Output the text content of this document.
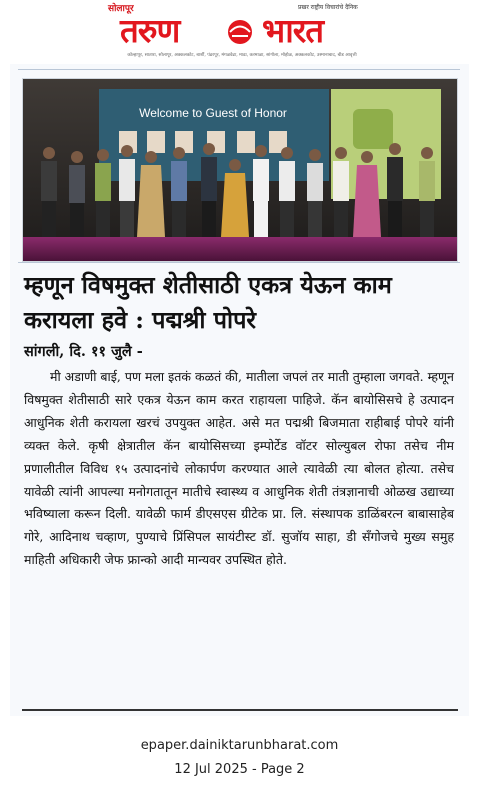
सोलापूर	प्रखर राष्ट्रीय विचारांचे दैनिक
तरुण	भारत
कोल्हापूर, सातारा, सोलापूर, अक्कलकोट, बार्शी, पंढरपूर, मंगळवेढा, माढा, करमाळा, सांगोला, मोहोळ, अक्कलकोट, उस्मानाबाद, बीड आवृत्ती
Welcome to Guest of Honor
म्हणून विषमुक्त शेतीसाठी एकत्र येऊन काम करायला हवे : पद्मश्री पोपरे
सांगली, दि. ११ जुलै -

मी अडाणी बाई, पण मला इतकं कळतं की, मातीला जपलं तर माती तुम्हाला जगवते. म्हणून विषमुक्त शेतीसाठी सारे एकत्र येऊन काम करत राहायला पाहिजे. कॅन बायोसिसचे हे उत्पादन आधुनिक शेती करायला खरचं उपयुक्त आहेत. असे मत पद्मश्री बिजमाता राहीबाई पोपरे यांनी व्यक्त केले. कृषी क्षेत्रातील कॅन बायोसिसच्या इम्पोर्टेड वॉटर सोल्युबल रोफा तसेच नीम प्रणालीतील विविध १५ उत्पादनांचे लोकार्पण करण्यात आले त्यावेळी त्या बोलत होत्या. तसेच यावेळी त्यांनी आपल्या मनोगतातून मातीचे स्वास्थ्य व आधुनिक शेती तंत्रज्ञानाची ओळख उद्याच्या भविष्याला करून दिली. यावेळी फार्म डीएसएस ग्रीटेक प्रा. लि. संस्थापक डाळिंबरत्न बाबासाहेब गोरे, आदिनाथ चव्हाण, पुण्याचे प्रिंसिपल सायंटीस्ट डॉ. सुजॉय साहा, डी सँगोजचे मुख्य समुह माहिती अधिकारी जेफ फ्रान्को आदी मान्यवर उपस्थित होते.

epaper.dainiktarunbharat.com
12 Jul 2025 - Page 2
